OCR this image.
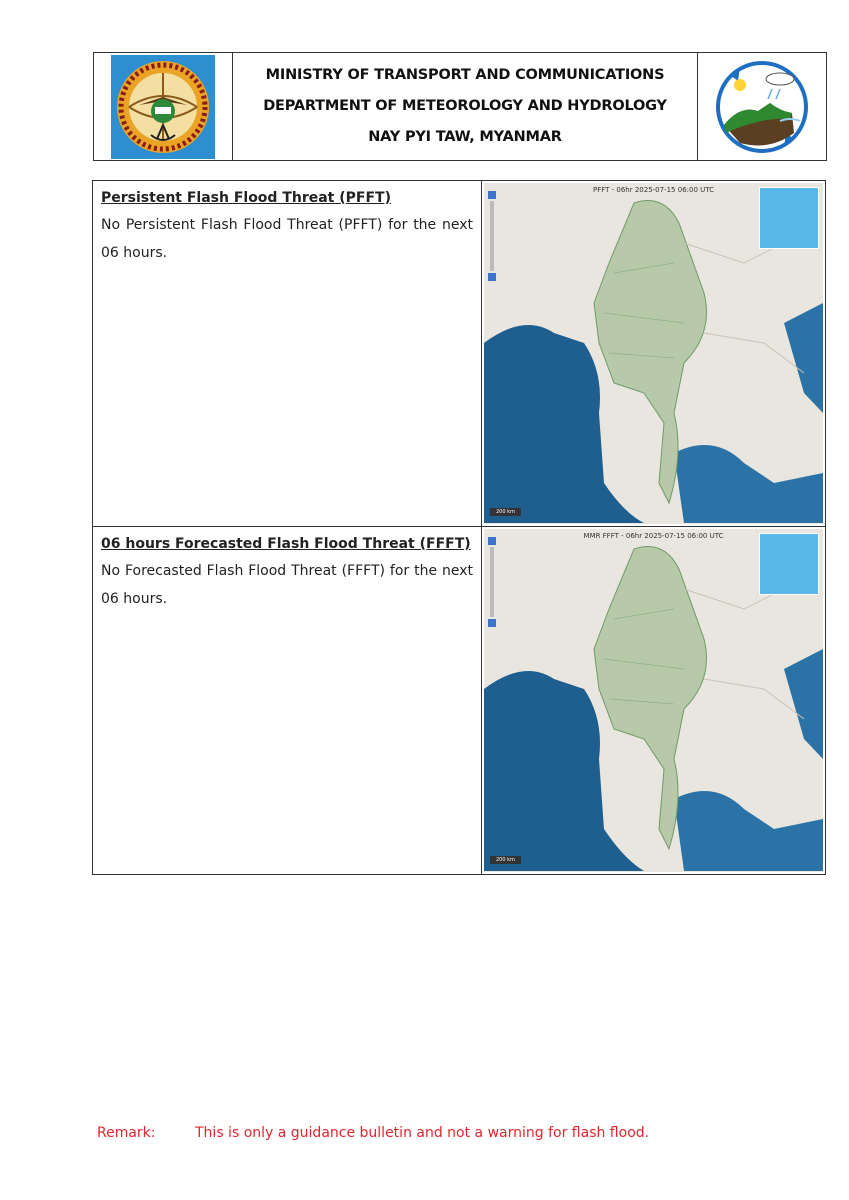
MINISTRY OF TRANSPORT AND COMMUNICATIONS
DEPARTMENT OF METEOROLOGY AND HYDROLOGY
NAY PYI TAW, MYANMAR
Persistent Flash Flood Threat (PFFT)

No Persistent Flash Flood Threat (PFFT) for the next 06 hours.

PFFT - 06hr 2025-07-15 06:00 UTC
200 km
06 hours Forecasted Flash Flood Threat (FFFT)

No Forecasted Flash Flood Threat (FFFT) for the next 06 hours.

MMR FFFT - 06hr 2025-07-15 06:00 UTC
200 km
Remark:	This is only a guidance bulletin and not a warning for flash flood.
